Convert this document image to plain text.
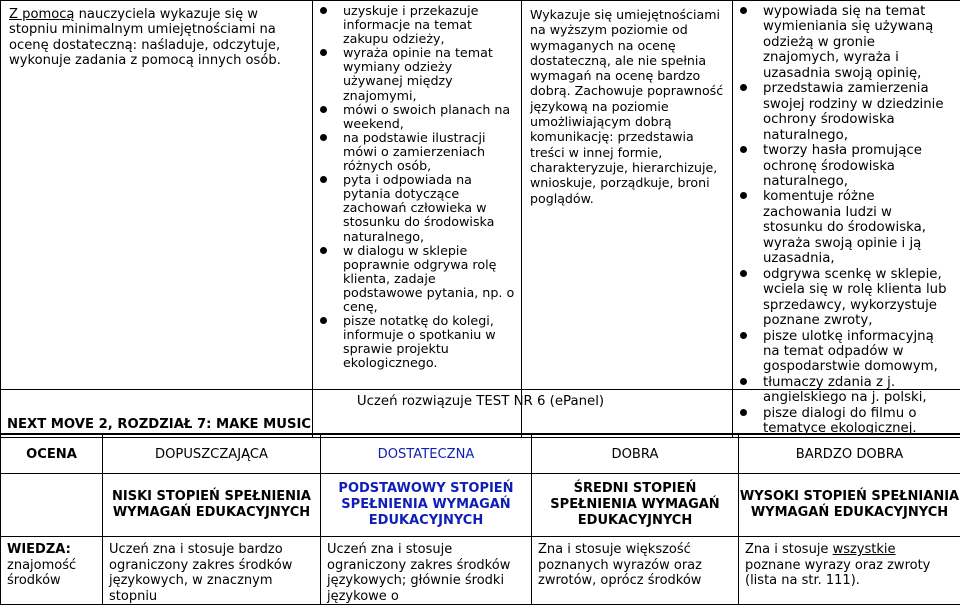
Z pomocą nauczyciela wykazuje się w stopniu minimalnym umiejętnościami na ocenę dostateczną: naśladuje, odczytuje, wykonuje zadania z pomocą innych osób.

uzyskuje i przekazuje informacje na temat zakupu odzieży,
wyraża opinie na temat wymiany odzieży używanej między znajomymi,
mówi o swoich planach na weekend,
na podstawie ilustracji mówi o zamierzeniach różnych osób,
pyta i odpowiada na pytania dotyczące zachowań człowieka w stosunku do środowiska naturalnego,
w dialogu w sklepie poprawnie odgrywa rolę klienta, zadaje podstawowe pytania, np. o cenę,
pisze notatkę do kolegi, informuje o spotkaniu w sprawie projektu ekologicznego.

Wykazuje się umiejętnościami na wyższym poziomie od wymaganych na ocenę dostateczną, ale nie spełnia wymagań na ocenę bardzo dobrą. Zachowuje poprawność językową na poziomie umożliwiającym dobrą komunikację: przedstawia treści w innej formie, charakteryzuje, hierarchizuje, wnioskuje, porządkuje, broni poglądów.

wypowiada się na temat wymieniania się używaną odzieżą w gronie znajomych, wyraża i uzasadnia swoją opinię,
przedstawia zamierzenia swojej rodziny w dziedzinie ochrony środowiska naturalnego,
tworzy hasła promujące ochronę środowiska naturalnego,
komentuje różne zachowania ludzi w stosunku do środowiska, wyraża swoją opinie i ją uzasadnia,
odgrywa scenkę w sklepie, wciela się w rolę klienta lub sprzedawcy, wykorzystuje poznane zwroty,
pisze ulotkę informacyjną na temat odpadów w gospodarstwie domowym,
tłumaczy zdania z j. angielskiego na j. polski,
pisze dialogi do filmu o tematyce ekologicznej.
NEXT MOVE 2, ROZDZIAŁ 7: MAKE MUSIC

Uczeń rozwiązuje TEST NR 6 (ePanel)
OCENA	DOPUSZCZAJĄCA	DOSTATECZNA	DOBRA	BARDZO DOBRA
	NISKI STOPIEŃ SPEŁNIENIA WYMAGAŃ EDUKACYJNYCH	PODSTAWOWY STOPIEŃ SPEŁNIENIA WYMAGAŃ EDUKACYJNYCH	ŚREDNI STOPIEŃ SPEŁNIENIA WYMAGAŃ EDUKACYJNYCH	WYSOKI STOPIEŃ SPEŁNIANIA WYMAGAŃ EDUKACYJNYCH
WIEDZA: znajomość środków	Uczeń zna i stosuje bardzo ograniczony zakres środków językowych, w znacznym stopniu	Uczeń zna i stosuje ograniczony zakres środków językowych; głównie środki językowe o	Zna i stosuje większość poznanych wyrazów oraz zwrotów, oprócz środków	Zna i stosuje wszystkie poznane wyrazy oraz zwroty (lista na str. 111).
